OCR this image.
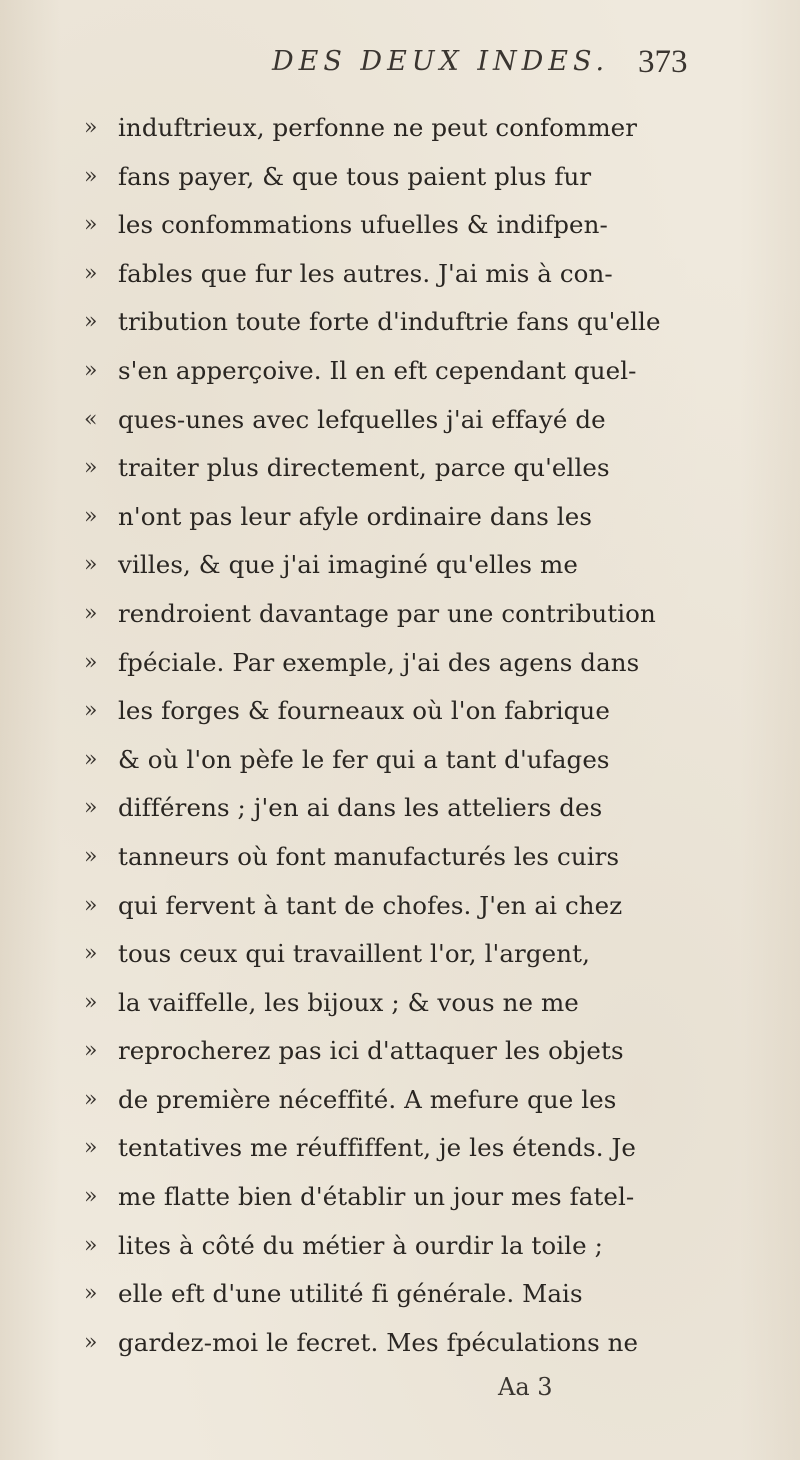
DES DEUX INDES. 373
» induftrieux, perfonne ne peut confommer
» fans payer, & que tous paient plus fur
» les confommations ufuelles & indifpen-
» fables que fur les autres. J'ai mis à con-
» tribution toute forte d'induftrie fans qu'elle
» s'en apperçoive. Il en eft cependant quel-
« ques-unes avec lefquelles j'ai effayé de
» traiter plus directement, parce qu'elles
» n'ont pas leur afyle ordinaire dans les
» villes, & que j'ai imaginé qu'elles me
» rendroient davantage par une contribution
» fpéciale. Par exemple, j'ai des agens dans
» les forges & fourneaux où l'on fabrique
» & où l'on pèfe le fer qui a tant d'ufages
» différens ; j'en ai dans les atteliers des
» tanneurs où font manufacturés les cuirs
» qui fervent à tant de chofes. J'en ai chez
» tous ceux qui travaillent l'or, l'argent,
» la vaiffelle, les bijoux ; & vous ne me
» reprocherez pas ici d'attaquer les objets
» de première néceffité. A mefure que les
» tentatives me réuffiffent, je les étends. Je
» me flatte bien d'établir un jour mes fatel-
» lites à côté du métier à ourdir la toile ;
» elle eft d'une utilité fi générale. Mais
» gardez-moi le fecret. Mes fpéculations ne
Aa 3
